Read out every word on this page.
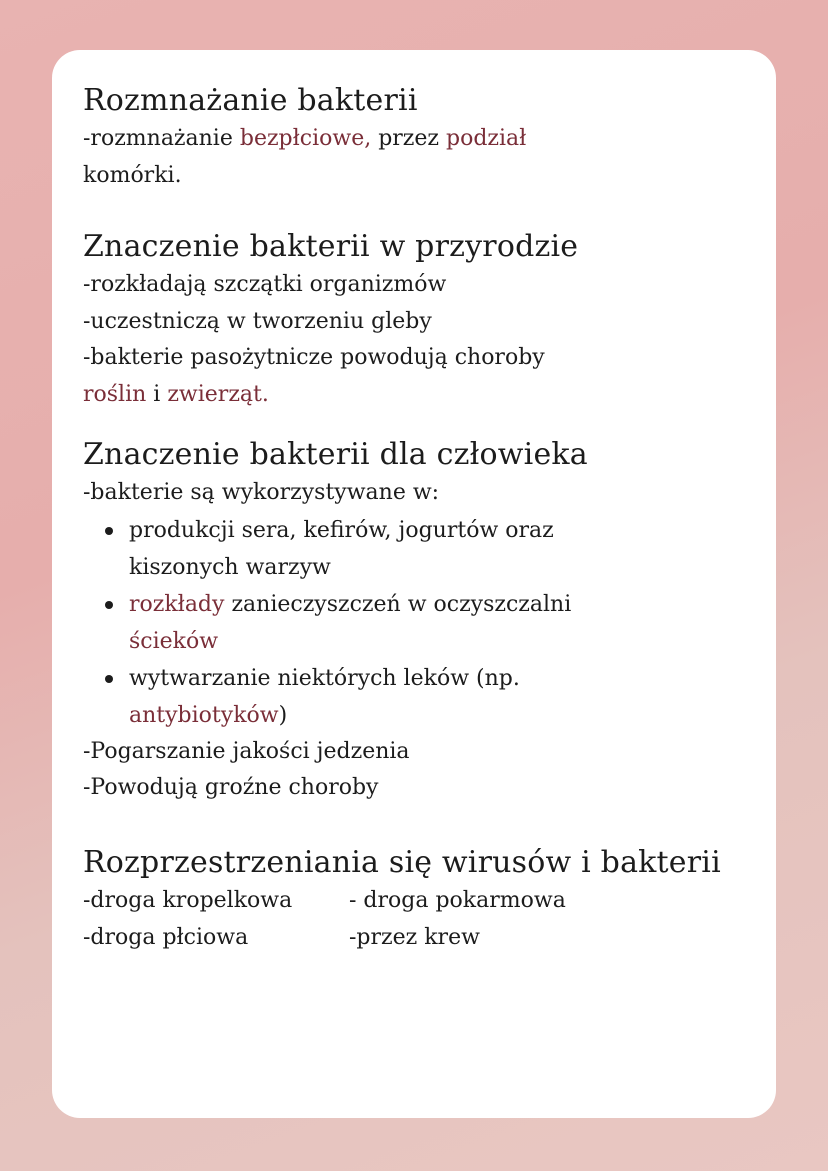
Rozmnażanie bakterii

-rozmnażanie bezpłciowe, przez podział

komórki.

Znaczenie bakterii w przyrodzie

-rozkładają szczątki organizmów

-uczestniczą w tworzeniu gleby

-bakterie pasożytnicze powodują choroby

roślin i zwierząt.

Znaczenie bakterii dla człowieka

-bakterie są wykorzystywane w:

produkcji sera, kefirów, jogurtów oraz
kiszonych warzyw
rozkłady zanieczyszczeń w oczyszczalni
ścieków
wytwarzanie niektórych leków (np.
antybiotyków)

-Pogarszanie jakości jedzenia

-Powodują groźne choroby

Rozprzestrzeniania się wirusów i bakterii
-droga kropelkowa	- droga pokarmowa
-droga płciowa	-przez krew
